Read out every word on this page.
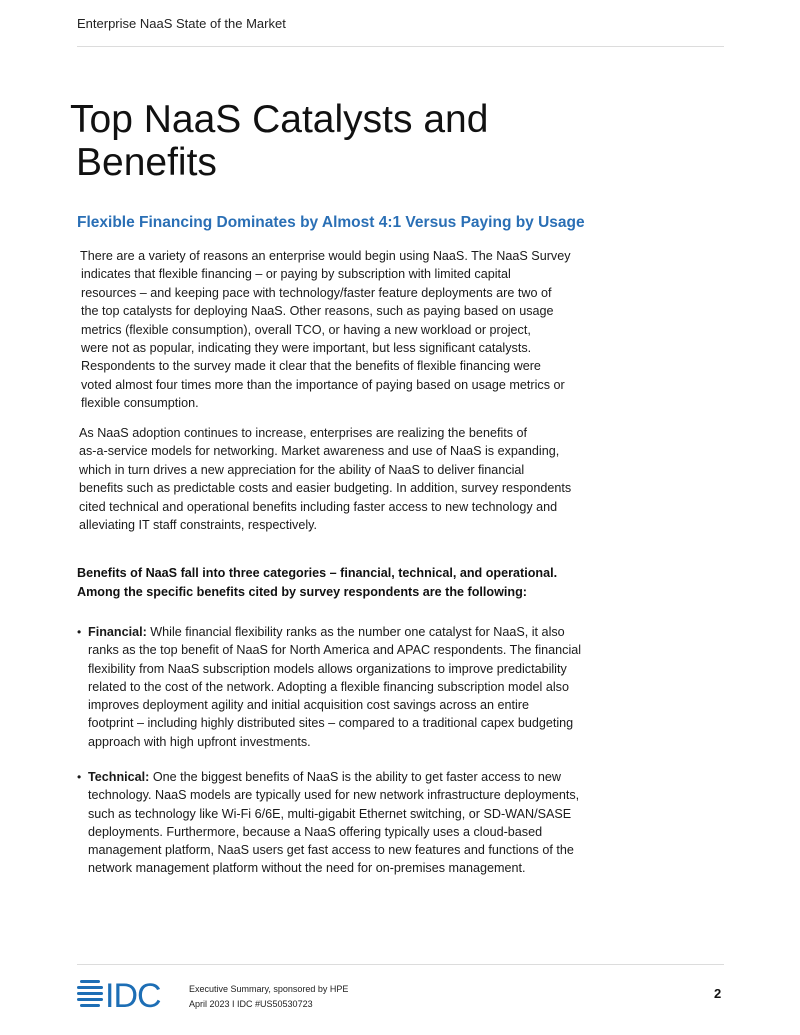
Enterprise NaaS State of the Market
Top NaaS Catalysts and
Benefits
Flexible Financing Dominates by Almost 4:1 Versus Paying by Usage

There are a variety of reasons an enterprise would begin using NaaS. The NaaS Survey
indicates that flexible financing – or paying by subscription with limited capital
resources – and keeping pace with technology/faster feature deployments are two of
the top catalysts for deploying NaaS. Other reasons, such as paying based on usage
metrics (flexible consumption), overall TCO, or having a new workload or project,
were not as popular, indicating they were important, but less significant catalysts.
Respondents to the survey made it clear that the benefits of flexible financing were
voted almost four times more than the importance of paying based on usage metrics or
flexible consumption.

As NaaS adoption continues to increase, enterprises are realizing the benefits of
as-a-service models for networking. Market awareness and use of NaaS is expanding,
which in turn drives a new appreciation for the ability of NaaS to deliver financial
benefits such as predictable costs and easier budgeting. In addition, survey respondents
cited technical and operational benefits including faster access to new technology and
alleviating IT staff constraints, respectively.

Benefits of NaaS fall into three categories – financial, technical, and operational.
Among the specific benefits cited by survey respondents are the following:

• Financial: While financial flexibility ranks as the number one catalyst for NaaS, it also
ranks as the top benefit of NaaS for North America and APAC respondents. The financial
flexibility from NaaS subscription models allows organizations to improve predictability
related to the cost of the network. Adopting a flexible financing subscription model also
improves deployment agility and initial acquisition cost savings across an entire
footprint – including highly distributed sites – compared to a traditional capex budgeting
approach with high upfront investments.
• Technical: One the biggest benefits of NaaS is the ability to get faster access to new
technology. NaaS models are typically used for new network infrastructure deployments,
such as technology like Wi-Fi 6/6E, multi-gigabit Ethernet switching, or SD-WAN/SASE
deployments. Furthermore, because a NaaS offering typically uses a cloud-based
management platform, NaaS users get fast access to new features and functions of the
network management platform without the need for on-premises management.
IDC	Executive Summary, sponsored by HPE
April 2023 I IDC #US50530723
2
